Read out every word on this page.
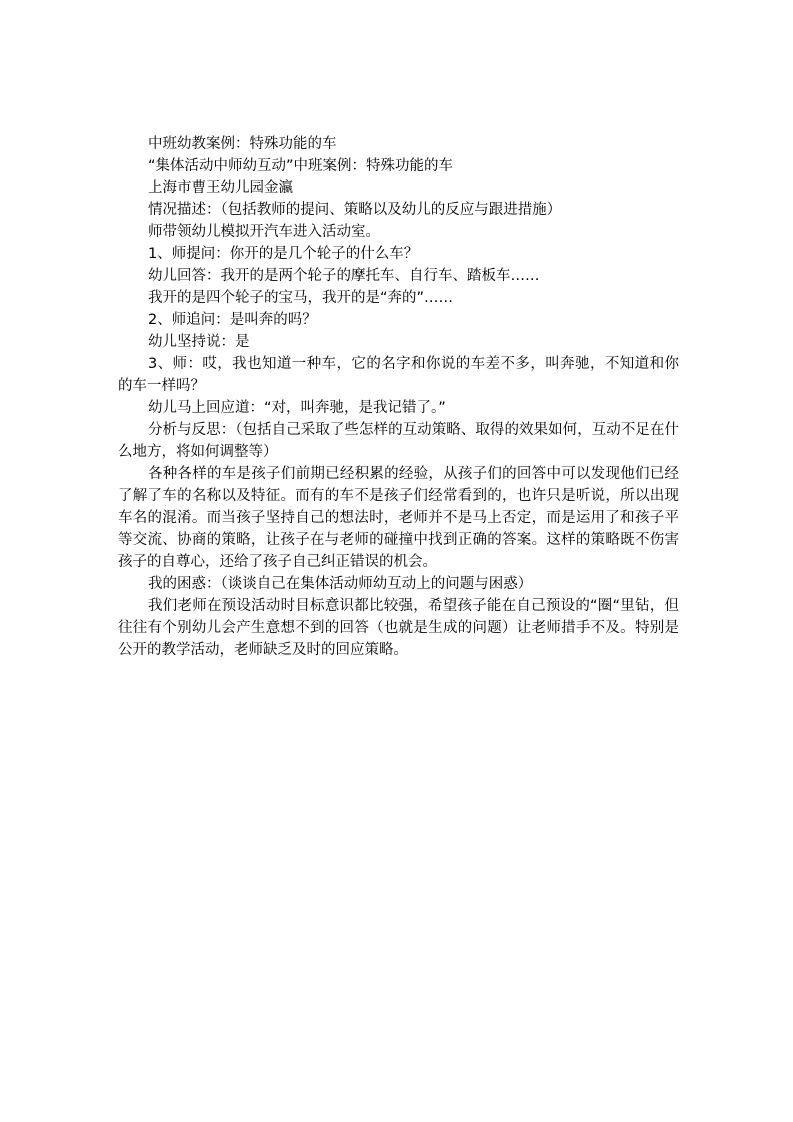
中班幼教案例：特殊功能的车

“集体活动中师幼互动”中班案例：特殊功能的车

上海市曹王幼儿园金瀛

情况描述：（包括教师的提问、策略以及幼儿的反应与跟进措施）

师带领幼儿模拟开汽车进入活动室。

1、师提问：你开的是几个轮子的什么车？

幼儿回答：我开的是两个轮子的摩托车、自行车、踏板车……

我开的是四个轮子的宝马，我开的是“奔的”……

2、师追问：是叫奔的吗？

幼儿坚持说：是

3、师：哎，我也知道一种车，它的名字和你说的车差不多，叫奔驰，不知道和你的车一样吗？

幼儿马上回应道：“对，叫奔驰，是我记错了。”

分析与反思：（包括自己采取了些怎样的互动策略、取得的效果如何，互动不足在什么地方，将如何调整等）

各种各样的车是孩子们前期已经积累的经验，从孩子们的回答中可以发现他们已经了解了车的名称以及特征。而有的车不是孩子们经常看到的，也许只是听说，所以出现车名的混淆。而当孩子坚持自己的想法时，老师并不是马上否定，而是运用了和孩子平等交流、协商的策略，让孩子在与老师的碰撞中找到正确的答案。这样的策略既不伤害孩子的自尊心，还给了孩子自己纠正错误的机会。

我的困惑：（谈谈自己在集体活动师幼互动上的问题与困惑）

我们老师在预设活动时目标意识都比较强，希望孩子能在自己预设的“圈“里钻，但往往有个别幼儿会产生意想不到的回答（也就是生成的问题）让老师措手不及。特别是公开的教学活动，老师缺乏及时的回应策略。
